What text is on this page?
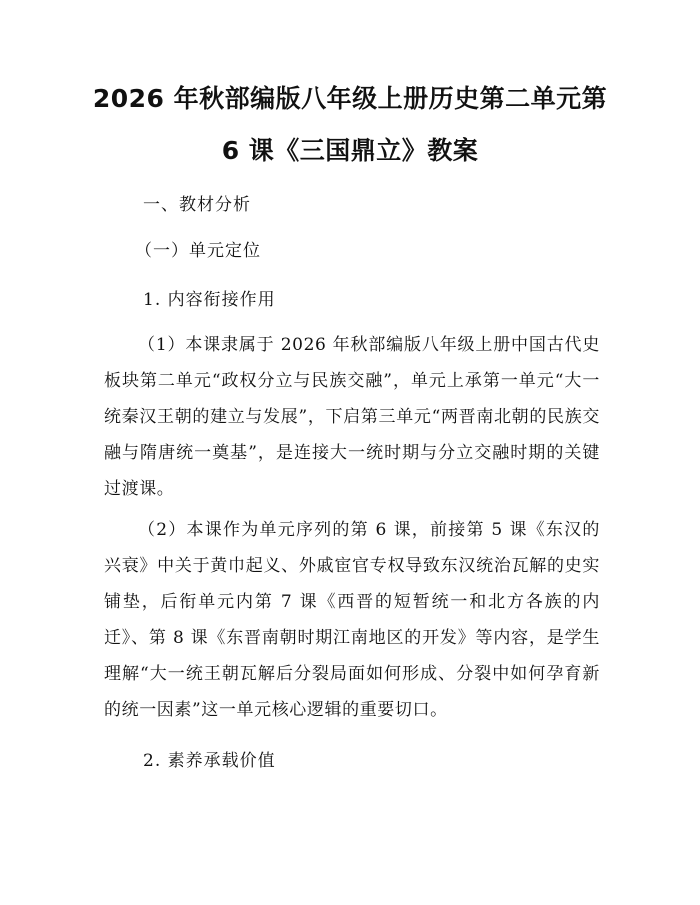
2026 年秋部编版八年级上册历史第二单元第
6 课《三国鼎立》教案
一、教材分析
（一）单元定位
1. 内容衔接作用
（1）本课隶属于 2026 年秋部编版八年级上册中国古代史板块第二单元“政权分立与民族交融”，单元上承第一单元“大一统秦汉王朝的建立与发展”，下启第三单元“两晋南北朝的民族交融与隋唐统一奠基”，是连接大一统时期与分立交融时期的关键过渡课。
（2）本课作为单元序列的第 6 课，前接第 5 课《东汉的兴衰》中关于黄巾起义、外戚宦官专权导致东汉统治瓦解的史实铺垫，后衔单元内第 7 课《西晋的短暂统一和北方各族的内迁》、第 8 课《东晋南朝时期江南地区的开发》等内容，是学生理解“大一统王朝瓦解后分裂局面如何形成、分裂中如何孕育新的统一因素”这一单元核心逻辑的重要切口。
2. 素养承载价值
